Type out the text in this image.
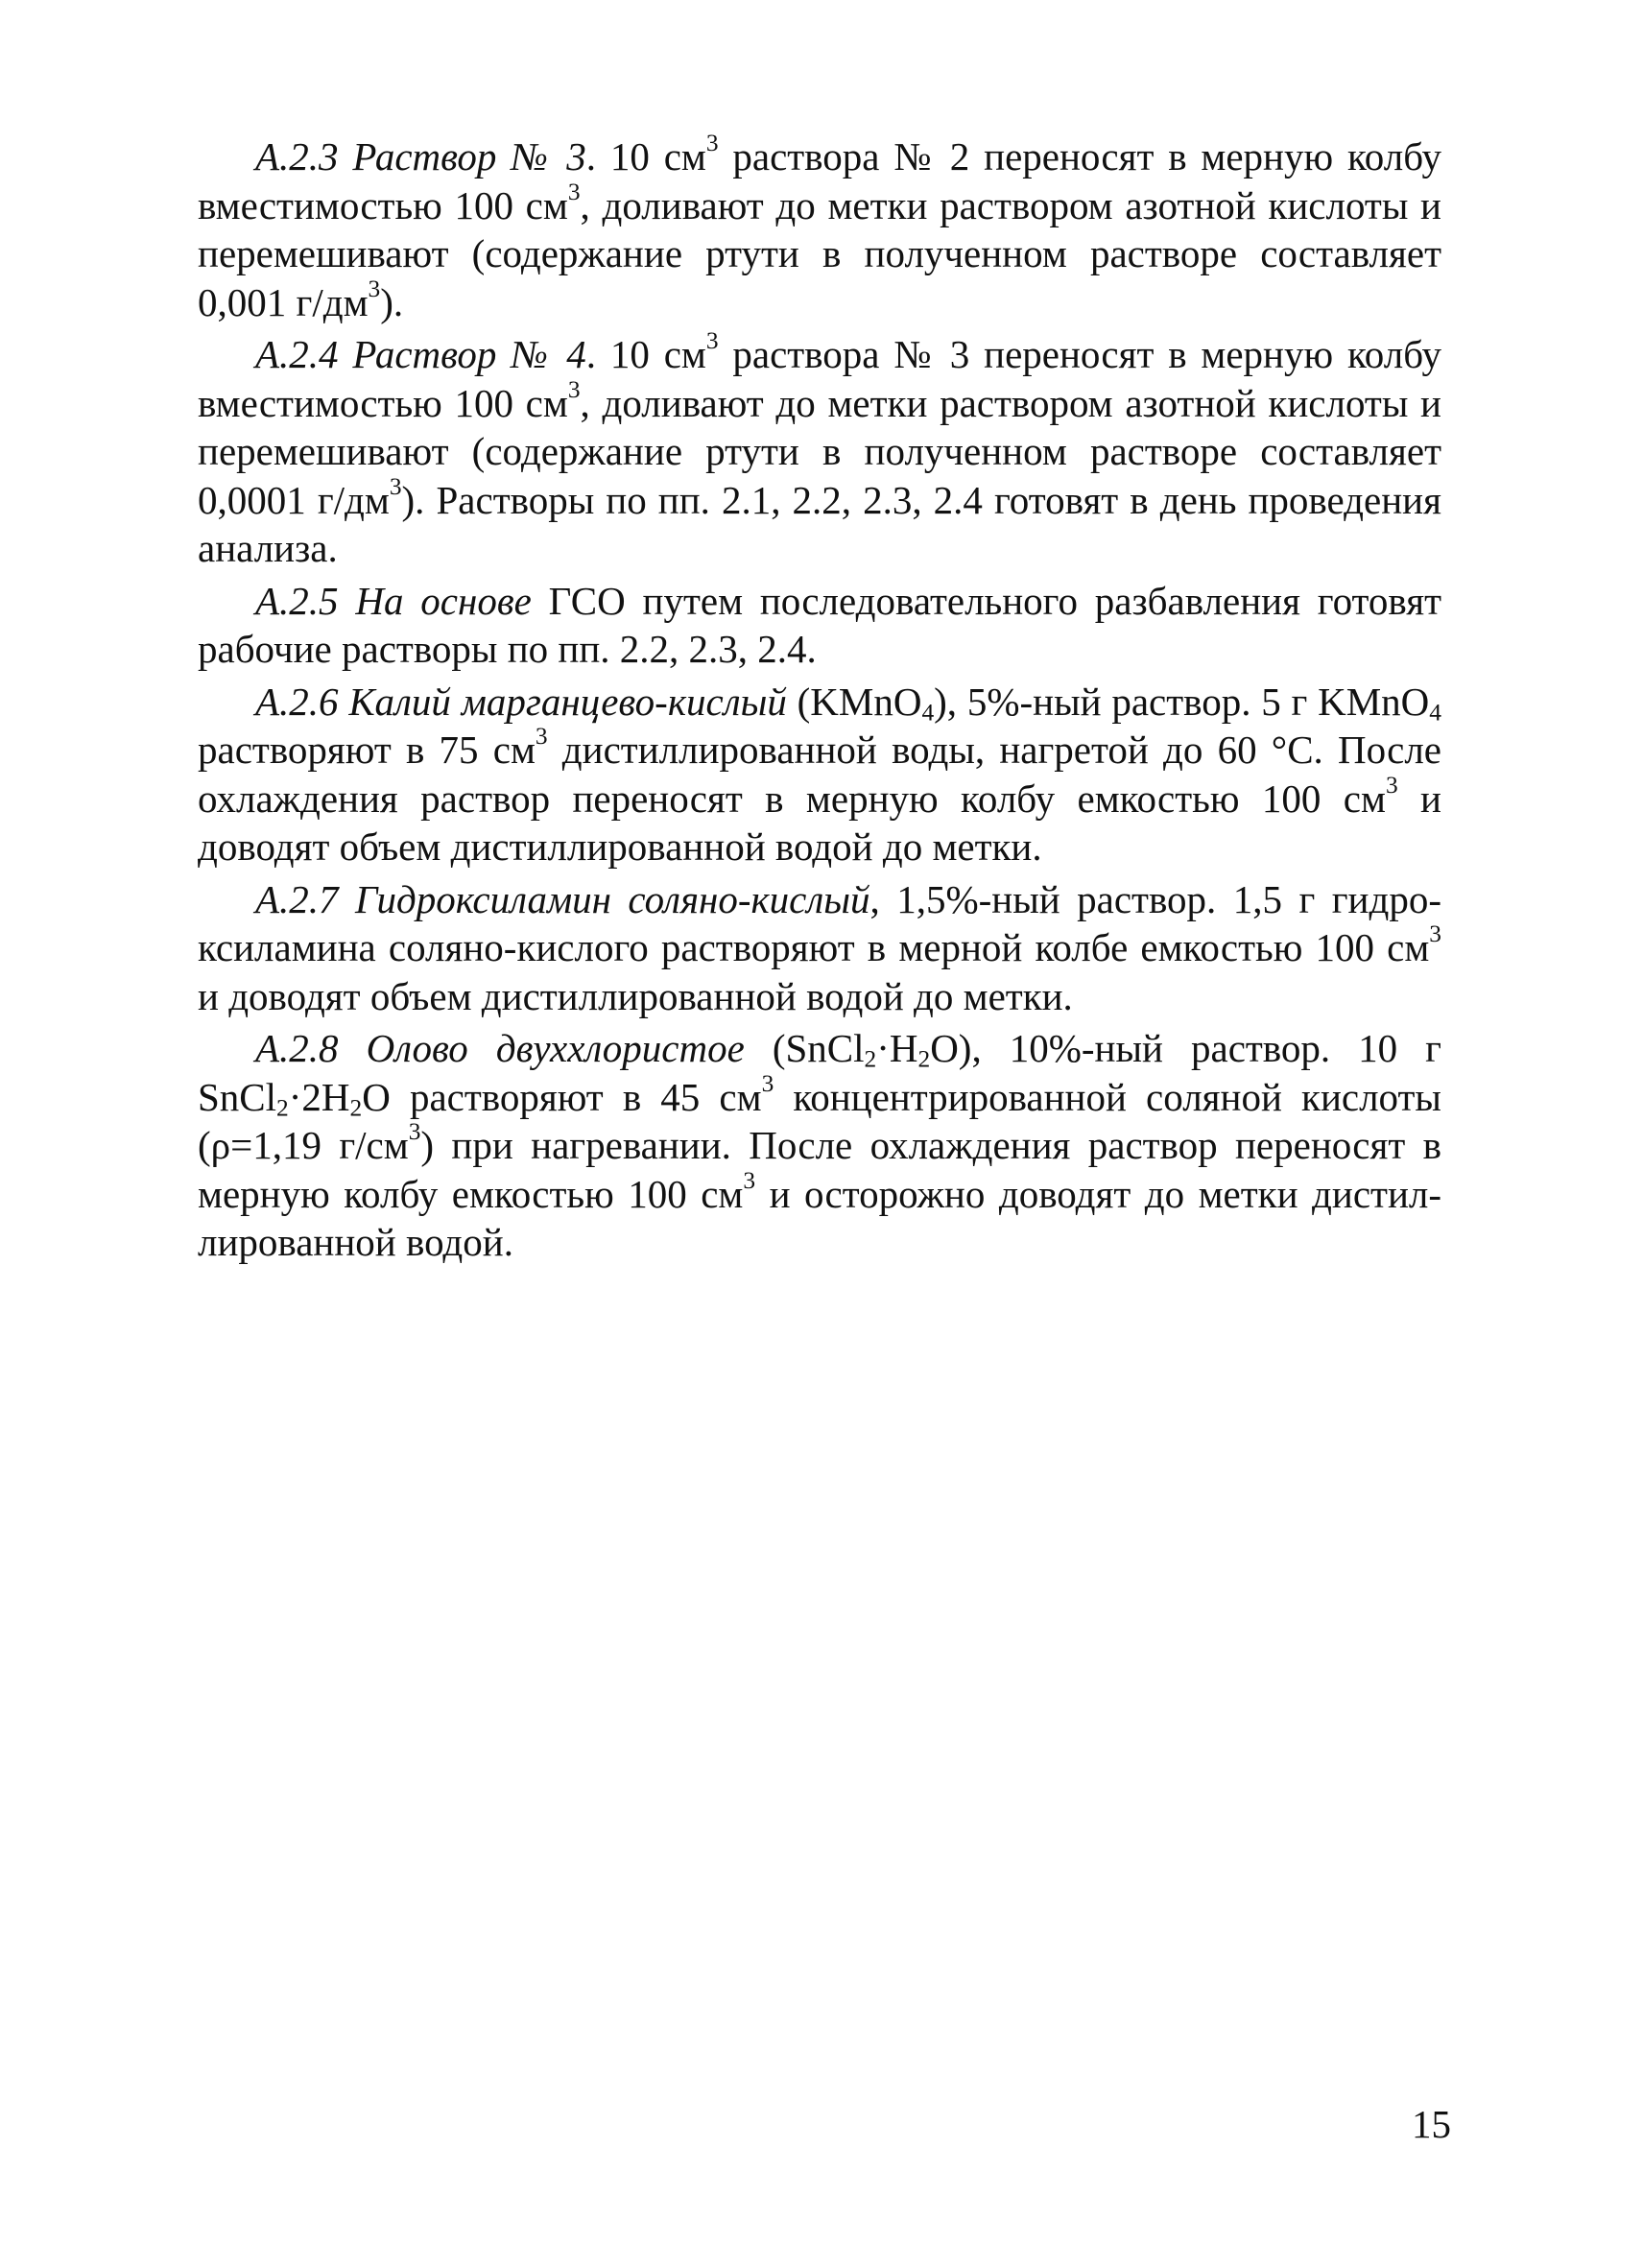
A.2.3 Раствор № 3. 10 $см^3$ раствора № 2 переносят в мерную колбу вместимостью 100 $см^3$, доливают до метки раствором азотной кислоты и перемешивают (содержание ртути в полученном растворе составляет 0,001 $г/дм^3$).

A.2.4 Раствор № 4. 10 $см^3$ раствора № 3 переносят в мерную колбу вместимостью 100 $см^3$, доливают до метки раствором азотной кислоты и перемешивают (содержание ртути в полученном растворе составляет 0,0001 $г/дм^3$). Растворы по пп. 2.1, 2.2, 2.3, 2.4 готовят в день проведения анализа.

А.2.5 На основе ГСО путем последовательного разбавления готовят рабочие растворы по пп. 2.2, 2.3, 2.4.

А.2.6 Калий марганцево-кислый (KMnO$_4$), 5%-ный раствор. 5 г KMnO$_4$ растворяют в 75 $см^3$ дистиллированной воды, нагретой до 60 °С. После охлаждения раствор переносят в мерную колбу емкостью 100 $см^3$ и доводят объем дистиллированной водой до метки.

А.2.7 Гидроксиламин соляно-кислый, 1,5%-ный раствор. 1,5 г гидроксиламина соляно-кислого растворяют в мерной колбе емкостью 100 $см^3$ и доводят объем дистиллированной водой до метки.

А.2.8 Олово двуххлористое $(SnCl_2\cdot H_2O)$, 10%-ный раствор. 10 г $SnCl_2\cdot 2H_2O$ растворяют в 45 $см^3$ концентрированной соляной кислоты (ρ=1,19 $г/см^3$) при нагревании. После охлаждения раствор переносят в мерную колбу емкостью 100 $см^3$ и осторожно доводят до метки дистиллированной водой.

15
